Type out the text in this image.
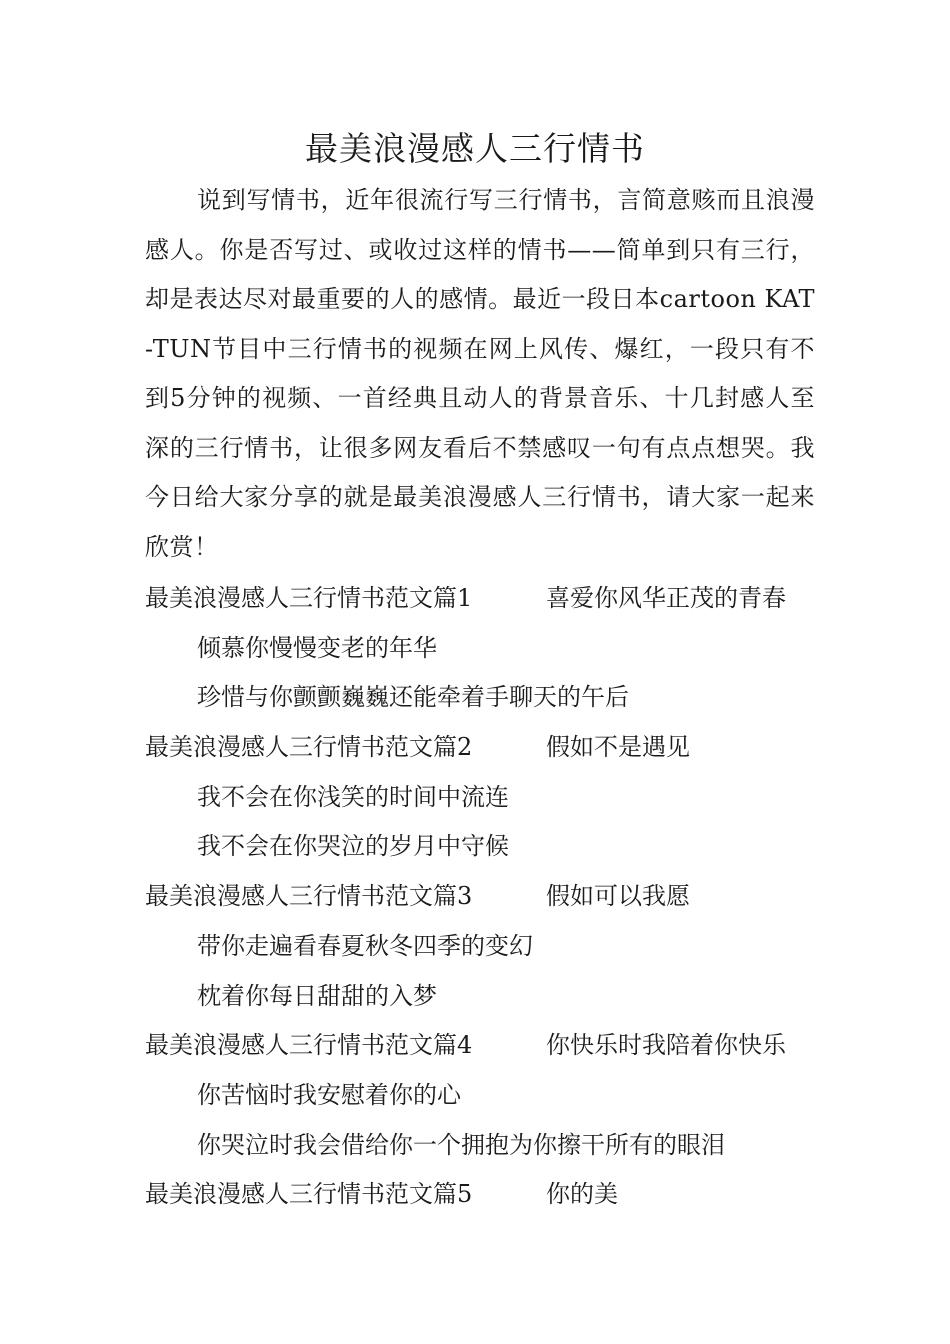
最美浪漫感人三行情书

说到写情书，近年很流行写三行情书，言简意赅而且浪漫感人。你是否写过、或收过这样的情书——简单到只有三行，却是表达尽对最重要的人的感情。最近一段日本cartoon KAT-TUN节目中三行情书的视频在网上风传、爆红，一段只有不到5分钟的视频、一首经典且动人的背景音乐、十几封感人至深的三行情书，让很多网友看后不禁感叹一句有点点想哭。我今日给大家分享的就是最美浪漫感人三行情书，请大家一起来欣赏！

最美浪漫感人三行情书范文篇1	喜爱你风华正茂的青春
倾慕你慢慢变老的年华
珍惜与你颤颤巍巍还能牵着手聊天的午后
最美浪漫感人三行情书范文篇2	假如不是遇见
我不会在你浅笑的时间中流连
我不会在你哭泣的岁月中守候
最美浪漫感人三行情书范文篇3	假如可以我愿
带你走遍看春夏秋冬四季的变幻
枕着你每日甜甜的入梦
最美浪漫感人三行情书范文篇4	你快乐时我陪着你快乐
你苦恼时我安慰着你的心
你哭泣时我会借给你一个拥抱为你擦干所有的眼泪
最美浪漫感人三行情书范文篇5	你的美
